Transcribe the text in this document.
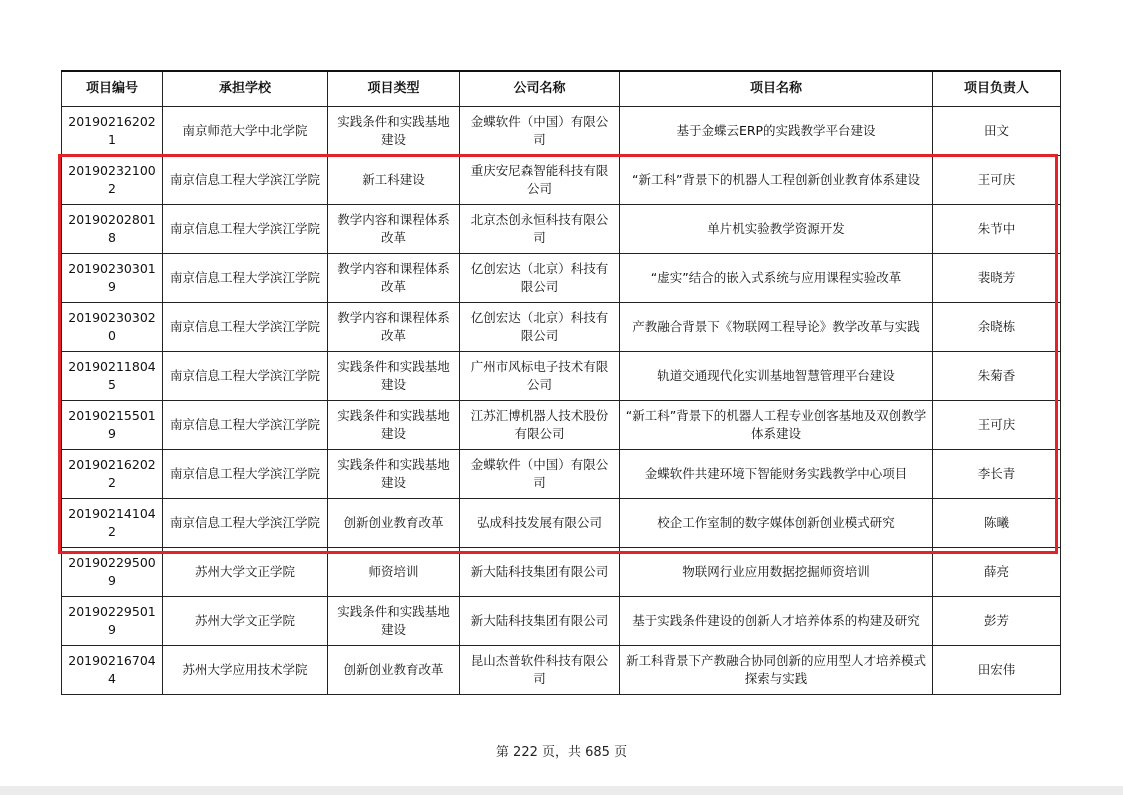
项目编号	承担学校	项目类型	公司名称	项目名称	项目负责人
201902162021	南京师范大学中北学院	实践条件和实践基地建设	金蝶软件（中国）有限公司	基于金蝶云ERP的实践教学平台建设	田文
201902321002	南京信息工程大学滨江学院	新工科建设	重庆安尼森智能科技有限公司	“新工科”背景下的机器人工程创新创业教育体系建设	王可庆
201902028018	南京信息工程大学滨江学院	教学内容和课程体系改革	北京杰创永恒科技有限公司	单片机实验教学资源开发	朱节中
201902303019	南京信息工程大学滨江学院	教学内容和课程体系改革	亿创宏达（北京）科技有限公司	“虚实”结合的嵌入式系统与应用课程实验改革	裴晓芳
201902303020	南京信息工程大学滨江学院	教学内容和课程体系改革	亿创宏达（北京）科技有限公司	产教融合背景下《物联网工程导论》教学改革与实践	余晓栋
201902118045	南京信息工程大学滨江学院	实践条件和实践基地建设	广州市风标电子技术有限公司	轨道交通现代化实训基地智慧管理平台建设	朱菊香
201902155019	南京信息工程大学滨江学院	实践条件和实践基地建设	江苏汇博机器人技术股份有限公司	“新工科”背景下的机器人工程专业创客基地及双创教学体系建设	王可庆
201902162022	南京信息工程大学滨江学院	实践条件和实践基地建设	金蝶软件（中国）有限公司	金蝶软件共建环境下智能财务实践教学中心项目	李长青
201902141042	南京信息工程大学滨江学院	创新创业教育改革	弘成科技发展有限公司	校企工作室制的数字媒体创新创业模式研究	陈曦
201902295009	苏州大学文正学院	师资培训	新大陆科技集团有限公司	物联网行业应用数据挖掘师资培训	薛亮
201902295019	苏州大学文正学院	实践条件和实践基地建设	新大陆科技集团有限公司	基于实践条件建设的创新人才培养体系的构建及研究	彭芳
201902167044	苏州大学应用技术学院	创新创业教育改革	昆山杰普软件科技有限公司	新工科背景下产教融合协同创新的应用型人才培养模式探索与实践	田宏伟
第 222 页，共 685 页
